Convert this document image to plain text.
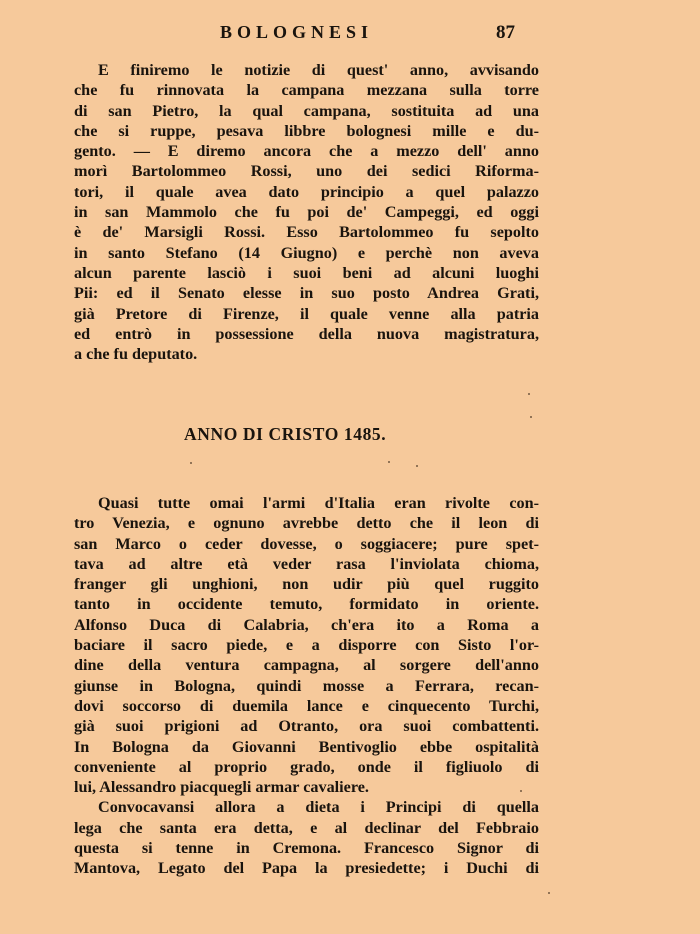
BOLOGNESI	87
E finiremo le notizie di quest' anno, avvisando
che fu rinnovata la campana mezzana sulla torre
di san Pietro, la qual campana, sostituita ad una
che si ruppe, pesava libbre bolognesi mille e du-
gento. — E diremo ancora che a mezzo dell' anno
morì Bartolommeo Rossi, uno dei sedici Riforma-
tori, il quale avea dato principio a quel palazzo
in san Mammolo che fu poi de' Campeggi, ed oggi
è de' Marsigli Rossi. Esso Bartolommeo fu sepolto
in santo Stefano (14 Giugno) e perchè non aveva
alcun parente lasciò i suoi beni ad alcuni luoghi
Pii: ed il Senato elesse in suo posto Andrea Grati,
già Pretore di Firenze, il quale venne alla patria
ed entrò in possessione della nuova magistratura,
a che fu deputato.
ANNO DI CRISTO 1485.
Quasi tutte omai l'armi d'Italia eran rivolte con-
tro Venezia, e ognuno avrebbe detto che il leon di
san Marco o ceder dovesse, o soggiacere; pure spet-
tava ad altre età veder rasa l'inviolata chioma,
franger gli unghioni, non udir più quel ruggito
tanto in occidente temuto, formidato in oriente.
Alfonso Duca di Calabria, ch'era ito a Roma a
baciare il sacro piede, e a disporre con Sisto l'or-
dine della ventura campagna, al sorgere dell'anno
giunse in Bologna, quindi mosse a Ferrara, recan-
dovi soccorso di duemila lance e cinquecento Turchi,
già suoi prigioni ad Otranto, ora suoi combattenti.
In Bologna da Giovanni Bentivoglio ebbe ospitalità
conveniente al proprio grado, onde il figliuolo di
lui, Alessandro piacquegli armar cavaliere.
Convocavansi allora a dieta i Principi di quella
lega che santa era detta, e al declinar del Febbraio
questa si tenne in Cremona. Francesco Signor di
Mantova, Legato del Papa la presiedette; i Duchi di
